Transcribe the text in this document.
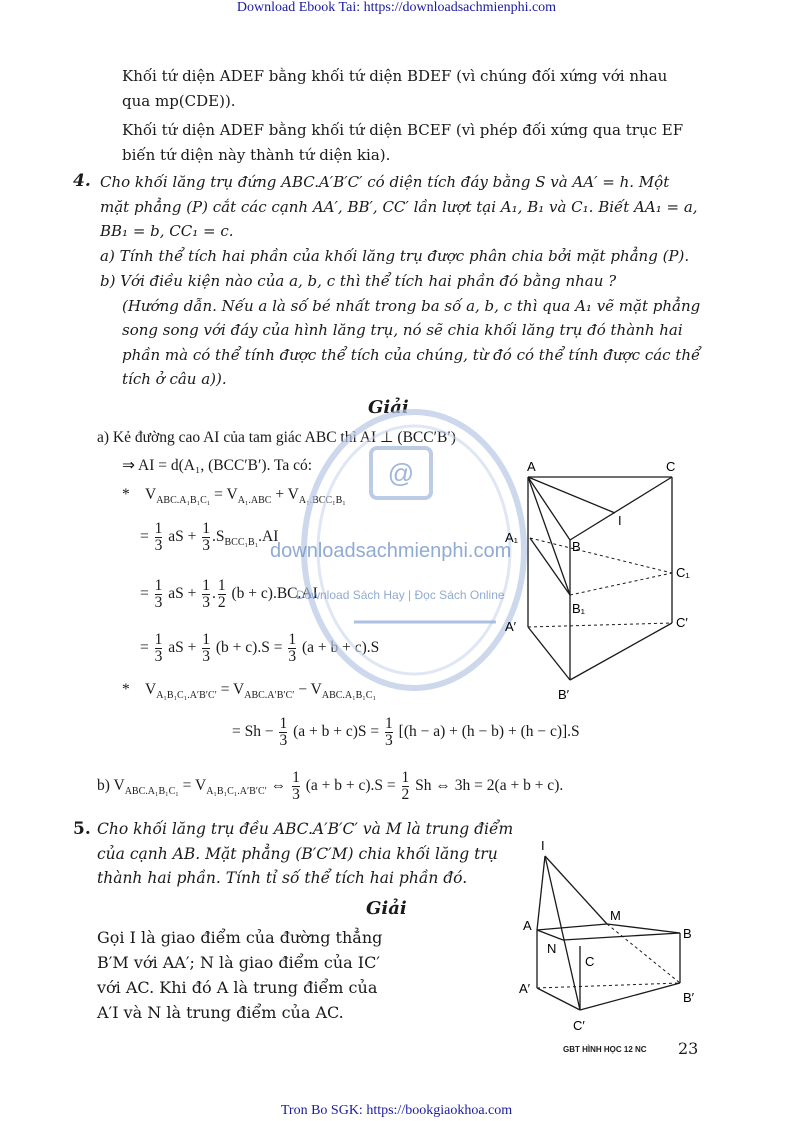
Download Ebook Tai: https://downloadsachmienphi.com
Khối tứ diện ADEF bằng khối tứ diện BDEF (vì chúng đối xứng với nhau
qua mp(CDE)).
Khối tứ diện ADEF bằng khối tứ diện BCEF (vì phép đối xứng qua trục EF
biến tứ diện này thành tứ diện kia).
4. Cho khối lăng trụ đứng ABC.A′B′C′ có diện tích đáy bằng S và AA′ = h. Một
mặt phẳng (P) cắt các cạnh AA′, BB′, CC′ lần lượt tại A₁, B₁ và C₁. Biết AA₁ = a,
BB₁ = b, CC₁ = c.
a) Tính thể tích hai phần của khối lăng trụ được phân chia bởi mặt phẳng (P).
b) Với điều kiện nào của a, b, c thì thể tích hai phần đó bằng nhau ?
(Hướng dẫn. Nếu a là số bé nhất trong ba số a, b, c thì qua A₁ vẽ mặt phẳng
song song với đáy của hình lăng trụ, nó sẽ chia khối lăng trụ đó thành hai
phần mà có thể tính được thể tích của chúng, từ đó có thể tính được các thể
tích ở câu a)).
Giải
a) Kẻ đường cao AI của tam giác ABC thì AI ⊥ (BCC′B′)
⇒ AI = d(A₁, (BCC′B′). Ta có:
* $V_{ABC.A_1B_1C_1} = V_{A_1.ABC} + V_{A_1.BCC_1B_1}$
= $\frac{1}{3}$ aS + $\frac{1}{3} .S_{BCC_1B_1}.AI$
= $\frac{1}{3}$ aS + $\frac{1}{3}$ . $\frac{1}{2} (b + c).BC.AI$
= $\frac{1}{3}$ aS + $\frac{1}{3} (b + c).S = \frac{1}{3} (a + b + c).S$
* $V_{A_1B_1C_1.A'B'C'} = V_{ABC.A'B'C'} - V_{ABC.A_1B_1C_1}$
= $Sh - \frac{1}{3} (a + b + c)S = \frac{1}{3} [(h - a) + (h - b) + (h - c)].S$
b) $V_{ABC.A_1B_1C_1} = V_{A_1B_1C_1.A'B'C'}$ ⇔ $\frac{1}{3} (a + b + c).S = \frac{1}{2}$ Sh ⇔ 3h = 2(a + b + c).
5. Cho khối lăng trụ đều ABC.A′B′C′ và M là trung điểm
của cạnh AB. Mặt phẳng (B′C′M) chia khối lăng trụ
thành hai phần. Tính tỉ số thể tích hai phần đó.
Giải
Gọi I là giao điểm của đường thẳng
B′M với AA′; N là giao điểm của IC′
với AC. Khi đó A là trung điểm của
A′I và N là trung điểm của AC.
@
downloadsachmienphi.com
Download Sách Hay | Đọc Sách Online
A	C
I
A₁
B
C₁
B₁
A′	C′
B′
I
A
M
B
N
C
A′
B′
C′
GBT HÌNH HỌC 12 NC 23
Tron Bo SGK: https://bookgiaokhoa.com
